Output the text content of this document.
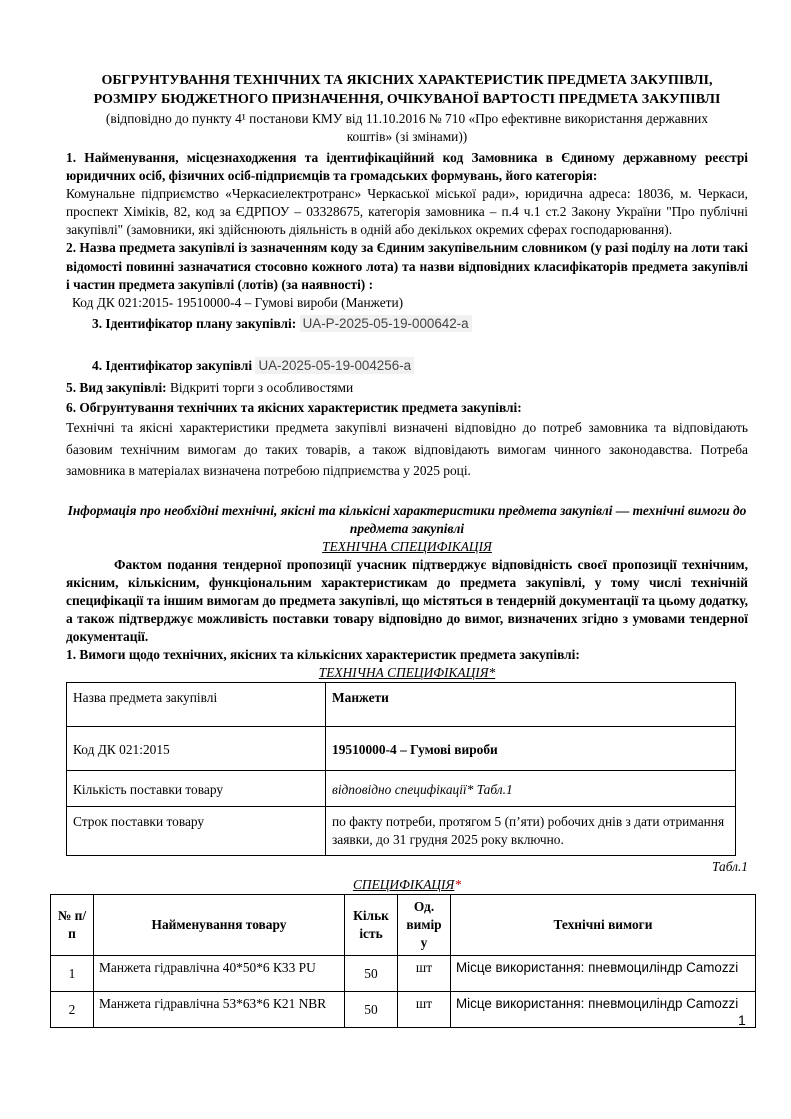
ОБГРУНТУВАННЯ ТЕХНІЧНИХ ТА ЯКІСНИХ ХАРАКТЕРИСТИК ПРЕДМЕТА ЗАКУПІВЛІ,

РОЗМІРУ БЮДЖЕТНОГО ПРИЗНАЧЕННЯ, ОЧІКУВАНОЇ ВАРТОСТІ ПРЕДМЕТА ЗАКУПІВЛІ

(відповідно до пункту 4¹ постанови КМУ від 11.10.2016 № 710 «Про ефективне використання державних

коштів» (зі змінами))

1. Найменування, місцезнаходження та ідентифікаційний код Замовника в Єдиному державному реєстрі юридичних осіб, фізичних осіб-підприємців та громадських формувань, його категорія:

Комунальне підприємство «Черкасиелектротранс» Черкаської міської ради», юридична адреса: 18036, м. Черкаси, проспект Хіміків, 82, код за ЄДРПОУ – 03328675, категорія замовника – п.4 ч.1 ст.2 Закону України "Про публічні закупівлі" (замовники, які здійснюють діяльність в одній або декількох окремих сферах господарювання).

2. Назва предмета закупівлі із зазначенням коду за Єдиним закупівельним словником (у разі поділу на лоти такі відомості повинні зазначатися стосовно кожного лота) та назви відповідних класифікаторів предмета закупівлі і частин предмета закупівлі (лотів) (за наявності) :

Код ДК 021:2015- 19510000-4 – Гумові вироби (Манжети)

3. Ідентифікатор плану закупівлі: UA-P-2025-05-19-000642-a

4. Ідентифікатор закупівлі UA-2025-05-19-004256-a

5. Вид закупівлі: Відкриті торги з особливостями

6. Обгрунтування технічних та якісних характеристик предмета закупівлі:

Технічні та якісні характеристики предмета закупівлі визначені відповідно до потреб замовника та відповідають базовим технічним вимогам до таких товарів, а також відповідають вимогам чинного законодавства. Потреба замовника в матеріалах визначена потребою підприємства у 2025 році.

Інформація про необхідні технічні, якісні та кількісні характеристики предмета закупівлі — технічні вимоги до предмета закупівлі

ТЕХНІЧНА СПЕЦИФІКАЦІЯ

Фактом подання тендерної пропозиції учасник підтверджує відповідність своєї пропозиції технічним, якісним, кількісним, функціональним характеристикам до предмета закупівлі, у тому числі технічній специфікації та іншим вимогам до предмета закупівлі, що містяться в тендерній документації та цьому додатку, а також підтверджує можливість поставки товару відповідно до вимог, визначених згідно з умовами тендерної документації.

1. Вимоги щодо технічних, якісних та кількісних характеристик предмета закупівлі:

ТЕХНІЧНА СПЕЦИФІКАЦІЯ*

Назва предмета закупівлі	Манжети
Код ДК 021:2015	19510000-4 – Гумові вироби
Кількість поставки товару	відповідно специфікації* Табл.1
Строк поставки товару	по факту потреби, протягом 5 (п’яти) робочих днів з дати отримання заявки, до 31 грудня 2025 року включно.

Табл.1

СПЕЦИФІКАЦІЯ*

№ п/п	Найменування товару	Кільк ість	Од. вимір у	Технічні вимоги
1	Манжета гідравлічна 40*50*6 К33 PU	50	шт	Місце використання: пневмоциліндр Camozzi
2	Манжета гідравлічна 53*63*6 К21 NBR	50	шт	Місце використання: пневмоциліндр Camozzi
1
